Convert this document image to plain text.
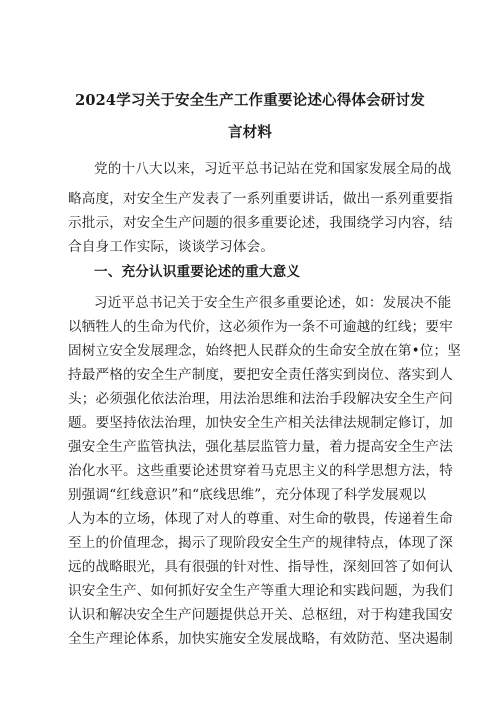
2024学习关于安全生产工作重要论述心得体会研讨发
言材料
党的十八大以来，习近平总书记站在党和国家发展全局的战
略高度，对安全生产发表了一系列重要讲话，做出一系列重要指
示批示，对安全生产问题的很多重要论述，我围绕学习内容，结
合自身工作实际，谈谈学习体会。
一、充分认识重要论述的重大意义
习近平总书记关于安全生产很多重要论述，如：发展决不能
以牺牲人的生命为代价，这必须作为一条不可逾越的红线；要牢
固树立安全发展理念，始终把人民群众的生命安全放在第•位；坚
持最严格的安全生产制度，要把安全责任落实到岗位、落实到人
头；必须强化依法治理，用法治思维和法治手段解决安全生产问
题。要坚持依法治理，加快安全生产相关法律法规制定修订，加
强安全生产监管执法，强化基层监管力量，着力提高安全生产法
治化水平。这些重要论述贯穿着马克思主义的科学思想方法，特
别强调“红线意识”和“底线思维”，充分体现了科学发展观以
人为本的立场，体现了对人的尊重、对生命的敬畏，传递着生命
至上的价值理念，揭示了现阶段安全生产的规律特点，体现了深
远的战略眼光，具有很强的针对性、指导性，深刻回答了如何认
识安全生产、如何抓好安全生产等重大理论和实践问题，为我们
认识和解决安全生产问题提供总开关、总枢纽，对于构建我国安
全生产理论体系，加快实施安全发展战略，有效防范、坚决遏制
